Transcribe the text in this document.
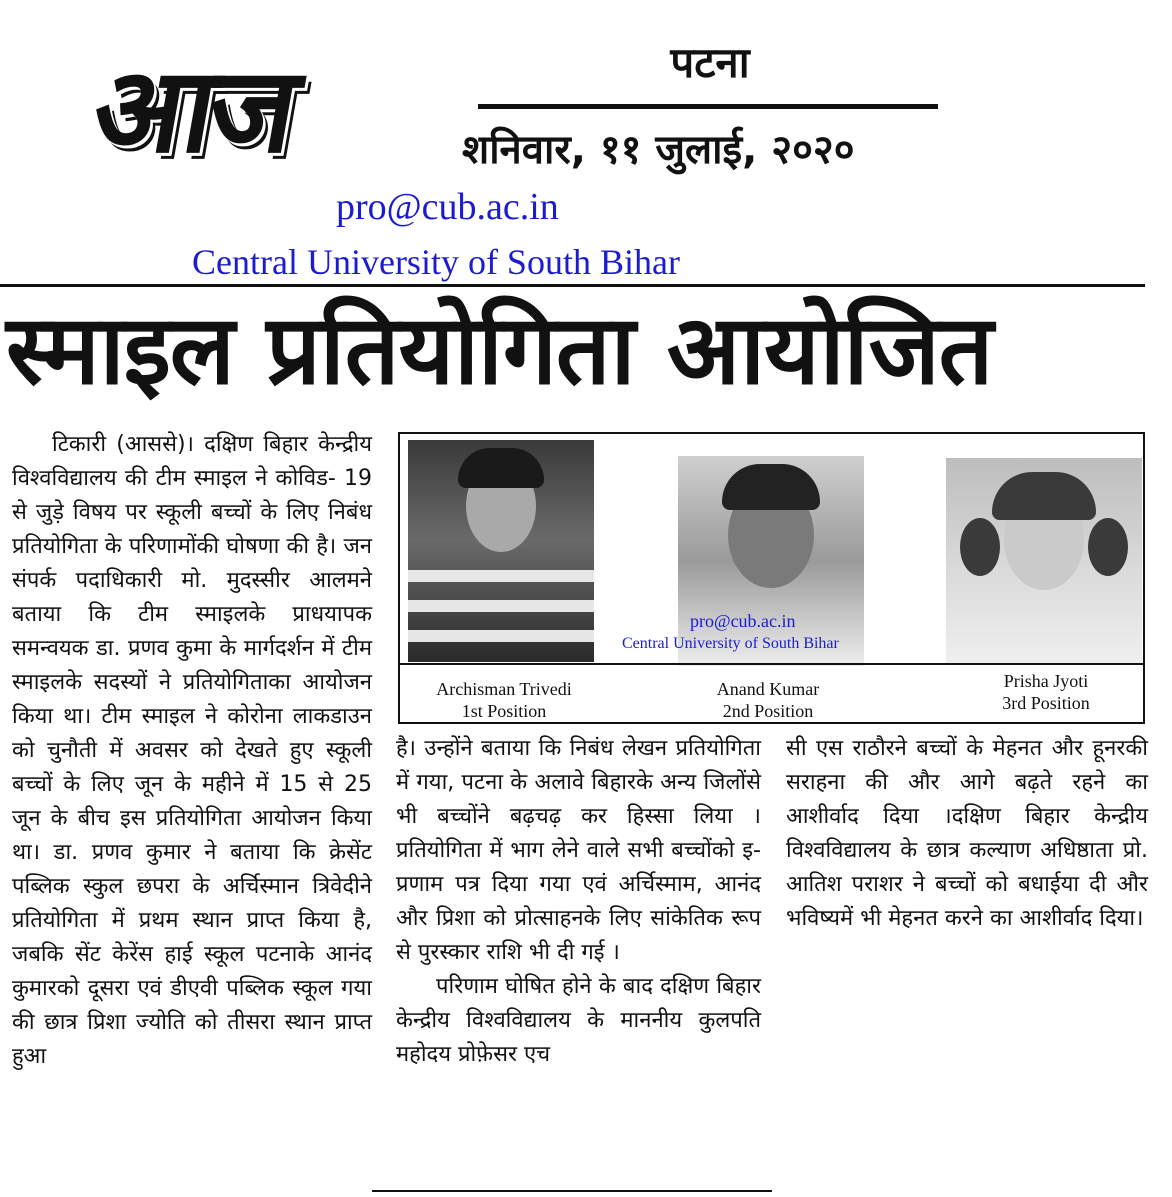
आज	पटना
शनिवार, ११ जुलाई, २०२०
pro@cub.ac.in
Central University of South Bihar
स्माइल प्रतियोगिता आयोजित

टिकारी (आससे)। दक्षिण बिहार केन्द्रीय विश्वविद्यालय की टीम स्माइल ने कोविड- 19 से जुड़े विषय पर स्कूली बच्चों के लिए निबंध प्रतियोगिता के परिणामोंकी घोषणा की है। जन संपर्क पदाधिकारी मो. मुदस्सीर आलमने बताया कि टीम स्माइलके प्राधयापक समन्वयक डा. प्रणव कुमा के मार्गदर्शन में टीम स्माइलके सदस्यों ने प्रतियोगिताका आयोजन किया था। टीम स्माइल ने कोरोना लाकडाउन को चुनौती में अवसर को देखते हुए स्कूली बच्चों के लिए जून के महीने में 15 से 25 जून के बीच इस प्रतियोगिता आयोजन किया था। डा. प्रणव कुमार ने बताया कि क्रेसेंट पब्लिक स्कुल छपरा के अर्चिस्मान त्रिवेदीने प्रतियोगिता में प्रथम स्थान प्राप्त किया है, जबकि सेंट केरेंस हाई स्कूल पटनाके आनंद कुमारको दूसरा एवं डीएवी पब्लिक स्कूल गया की छात्र प्रिशा ज्योति को तीसरा स्थान प्राप्त हुआ

pro@cub.ac.in
Central University of South Bihar
Archisman Trivedi
1st Position
Anand Kumar
2nd Position
Prisha Jyoti
3rd Position

है। उन्होंने बताया कि निबंध लेखन प्रतियोगिता में गया, पटना के अलावे बिहारके अन्य जिलोंसे भी बच्चोंने बढ़चढ़ कर हिस्सा लिया । प्रतियोगिता में भाग लेने वाले सभी बच्चोंको इ-प्रणाम पत्र दिया गया एवं अर्चिस्माम, आनंद और प्रिशा को प्रोत्साहनके लिए सांकेतिक रूप से पुरस्कार राशि भी दी गई ।

परिणाम घोषित होने के बाद दक्षिण बिहार केन्द्रीय विश्वविद्यालय के माननीय कुलपति महोदय प्रोफ़ेसर एच

सी एस राठौरने बच्चों के मेहनत और हूनरकी सराहना की और आगे बढ़ते रहने का आशीर्वाद दिया ।दक्षिण बिहार केन्द्रीय विश्वविद्यालय के छात्र कल्याण अधिष्ठाता प्रो. आतिश पराशर ने बच्चों को बधाईया दी और भविष्यमें भी मेहनत करने का आशीर्वाद दिया।
